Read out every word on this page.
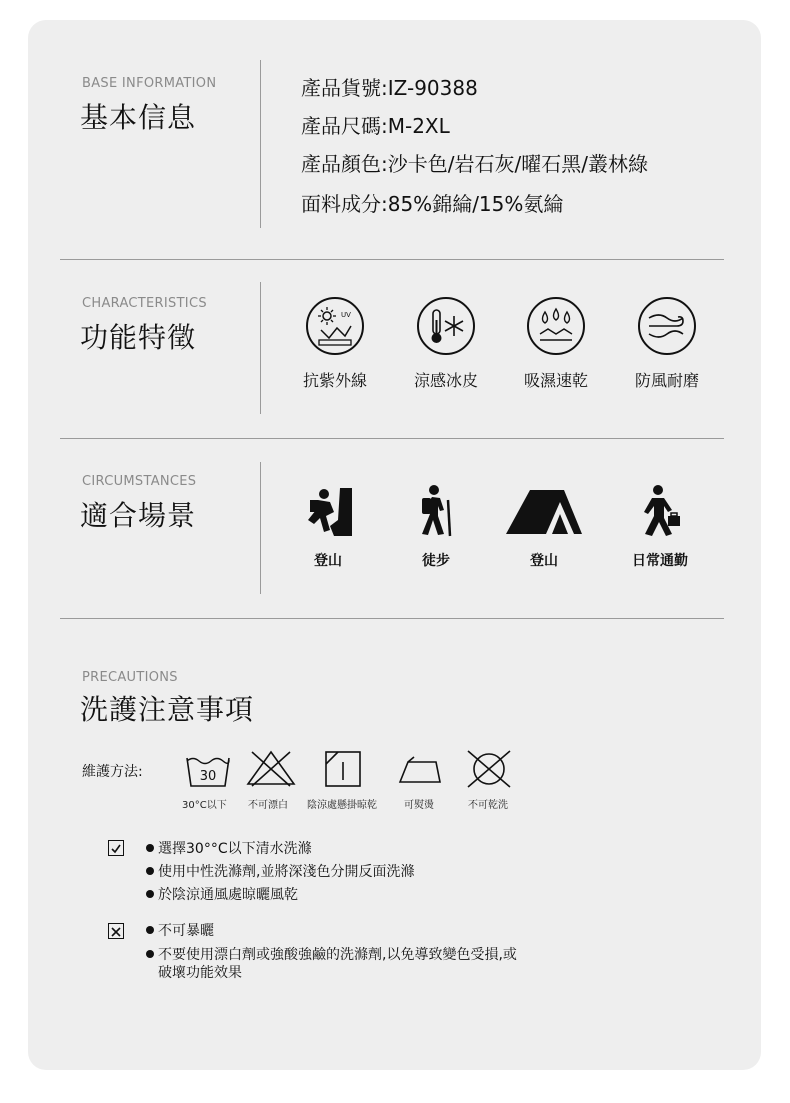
BASE INFORMATION
基本信息
產品貨號:IZ-90388
產品尺碼:M-2XL
產品顏色:沙卡色/岩石灰/曜石黑/叢林綠
面料成分:85%錦綸/15%氨綸
CHARACTERISTICS
功能特徵
UV
抗紫外線	涼感冰皮	吸濕速乾	防風耐磨
CIRCUMSTANCES
適合場景
登山	徒步	登山	日常通勤
PRECAUTIONS
洗護注意事項
維護方法:	30
30°C以下 不可漂白 陰涼處懸掛晾乾	可熨燙	不可乾洗
選擇30°°C以下清水洗滌
使用中性洗滌劑,並將深淺色分開反面洗滌
於陰涼通風處晾曬風乾
不可暴曬
不要使用漂白劑或強酸強鹼的洗滌劑,以免導致變色受損,或
破壞功能效果
